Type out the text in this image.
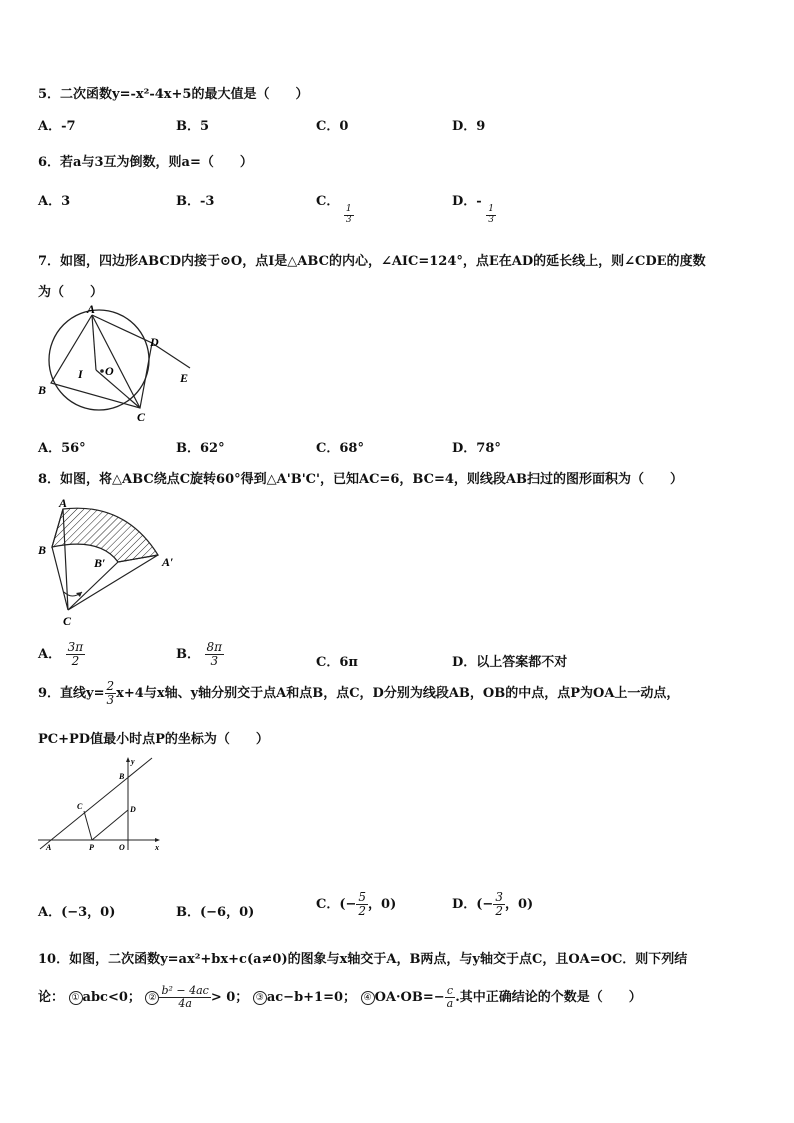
5．二次函数y=-x²-4x+5的最大值是（　　）
A．-7	B．5	C．0	D．9
6．若a与3互为倒数，则a=（　　）
A．3	B．-3	C．
$\frac{1}{3}$
D．-
$\frac{1}{3}$
7．如图，四边形ABCD内接于⊙O，点I是△ABC的内心，∠AIC=124°，点E在AD的延长线上，则∠CDE的度数
为（　　）
A
B
C
D
E
I O
A．56°	B．62°	C．68°	D．78°
8．如图，将△ABC绕点C旋转60°得到△A'B'C'，已知AC=6，BC=4，则线段AB扫过的图形面积为（　　）
A
B
C
A′
B′
A． $\frac{3\pi}{2}$	B． $\frac{8\pi}{3}$	C．6π	D．以上答案都不对
9．直线$y= \frac{2}{3} x+4$与x轴、y轴分别交于点A和点B，点C，D分别为线段AB，OB的中点，点P为OA上一动点，
PC+PD值最小时点P的坐标为（　　）
A
B
C	D
P	O	x
y
A．(−3，0)	B．(−6，0)
C．(− $\frac{5}{2}$ ，0)	D．(− $\frac{3}{2}$ ，0)
10．如图，二次函数y=ax²+bx+c(a≠0)的图象与x轴交于A，B两点，与y轴交于点C，且OA=OC．则下列结
论： ① abc<0； ② $\frac{\text{b² − 4ac}}{4a} > 0$； ③ ac−b+1=0； ④ $OA\cdot OB=- \frac{c}{a}$ .其中正确结论的个数是（　　）
